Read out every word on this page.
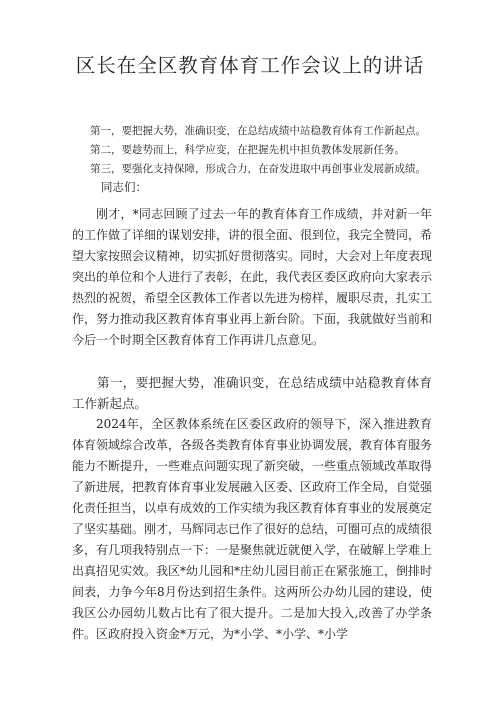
区长在全区教育体育工作会议上的讲话
第一，要把握大势，准确识变，在总结成绩中站稳教育体育工作新起点。
第二，要趁势而上，科学应变，在把握先机中担负教体发展新任务。
第三，要强化支持保障，形成合力，在奋发进取中再创事业发展新成绩。
同志们：
刚才，*同志回顾了过去一年的教育体育工作成绩，并对新一年的工作做了详细的谋划安排，讲的很全面、很到位，我完全赞同，希望大家按照会议精神，切实抓好贯彻落实。同时，大会对上年度表现突出的单位和个人进行了表彰，在此，我代表区委区政府向大家表示热烈的祝贺，希望全区教体工作者以先进为榜样，履职尽责，扎实工作，努力推动我区教育体育事业再上新台阶。下面，我就做好当前和今后一个时期全区教育体育工作再讲几点意见。
第一，要把握大势，准确识变，在总结成绩中站稳教育体育工作新起点。
2024年，全区教体系统在区委区政府的领导下，深入推进教育体育领域综合改革，各级各类教育体育事业协调发展，教育体育服务能力不断提升，一些难点问题实现了新突破，一些重点领域改革取得了新进展，把教育体育事业发展融入区委、区政府工作全局，自觉强化责任担当，以卓有成效的工作实绩为我区教育体育事业的发展奠定了坚实基础。刚才，马辉同志已作了很好的总结，可圈可点的成绩很多，有几项我特别点一下：一是聚焦就近就便入学，在破解上学难上出真招见实效。我区*幼儿园和*庄幼儿园目前正在紧张施工，倒排时间表，力争今年8月份达到招生条件。这两所公办幼儿园的建设，使我区公办园幼儿数占比有了很大提升。二是加大投入,改善了办学条件。区政府投入资金*万元，为*小学、*小学、*小学
